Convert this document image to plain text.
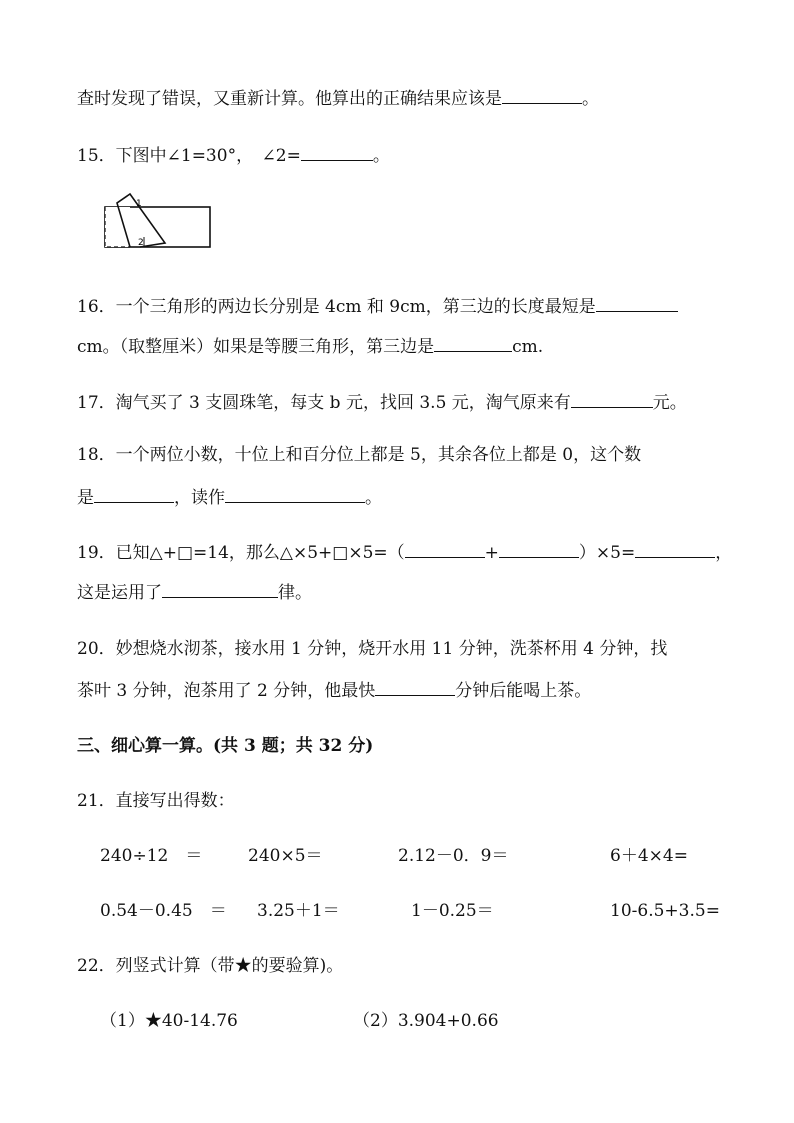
查时发现了错误，又重新计算。他算出的正确结果应该是	。
15．下图中∠1=30°，　∠2=	。
1
2
16．一个三角形的两边长分别是 4cm 和 9cm，第三边的长度最短是
cm。（取整厘米）如果是等腰三角形，第三边是	cm.
17．淘气买了 3 支圆珠笔，每支 b 元，找回 3.5 元，淘气原来有	元。
18．一个两位小数，十位上和百分位上都是 5，其余各位上都是 0，这个数
是	，读作	。
19．已知△+□=14，那么△×5+□×5=（	+	）×5=	，
这是运用了	律。
20．妙想烧水沏茶，接水用 1 分钟，烧开水用 11 分钟，洗茶杯用 4 分钟，找
茶叶 3 分钟，泡茶用了 2 分钟，他最快	分钟后能喝上茶。
三、细心算一算。(共 3 题；共 32 分)
21．直接写出得数：
240÷12　＝	240×5＝	2.12－0．9＝	6＋4×4=
0.54－0.45　＝ 3.25＋1＝	1－0.25＝	10-6.5+3.5=
22．列竖式计算（带★的要验算)。
（1）★40-14.76	（2）3.904+0.66
